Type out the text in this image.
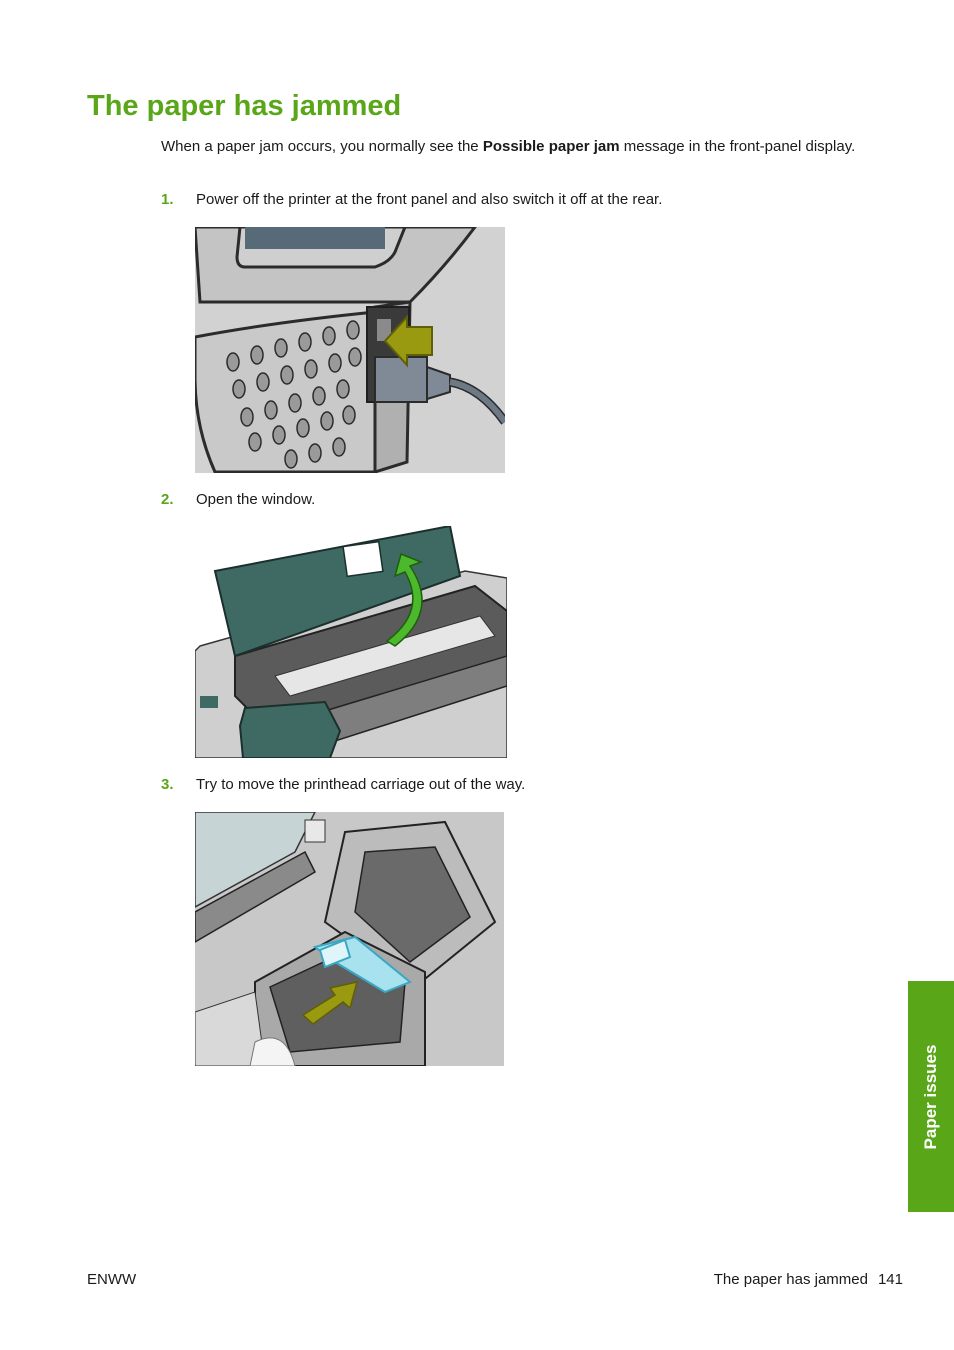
The paper has jammed

When a paper jam occurs, you normally see the Possible paper jam message in the front-panel display.

1. Power off the printer at the front panel and also switch it off at the rear.
2. Open the window.
3. Try to move the printhead carriage out of the way.
Paper issues
ENWW	The paper has jammed 141
